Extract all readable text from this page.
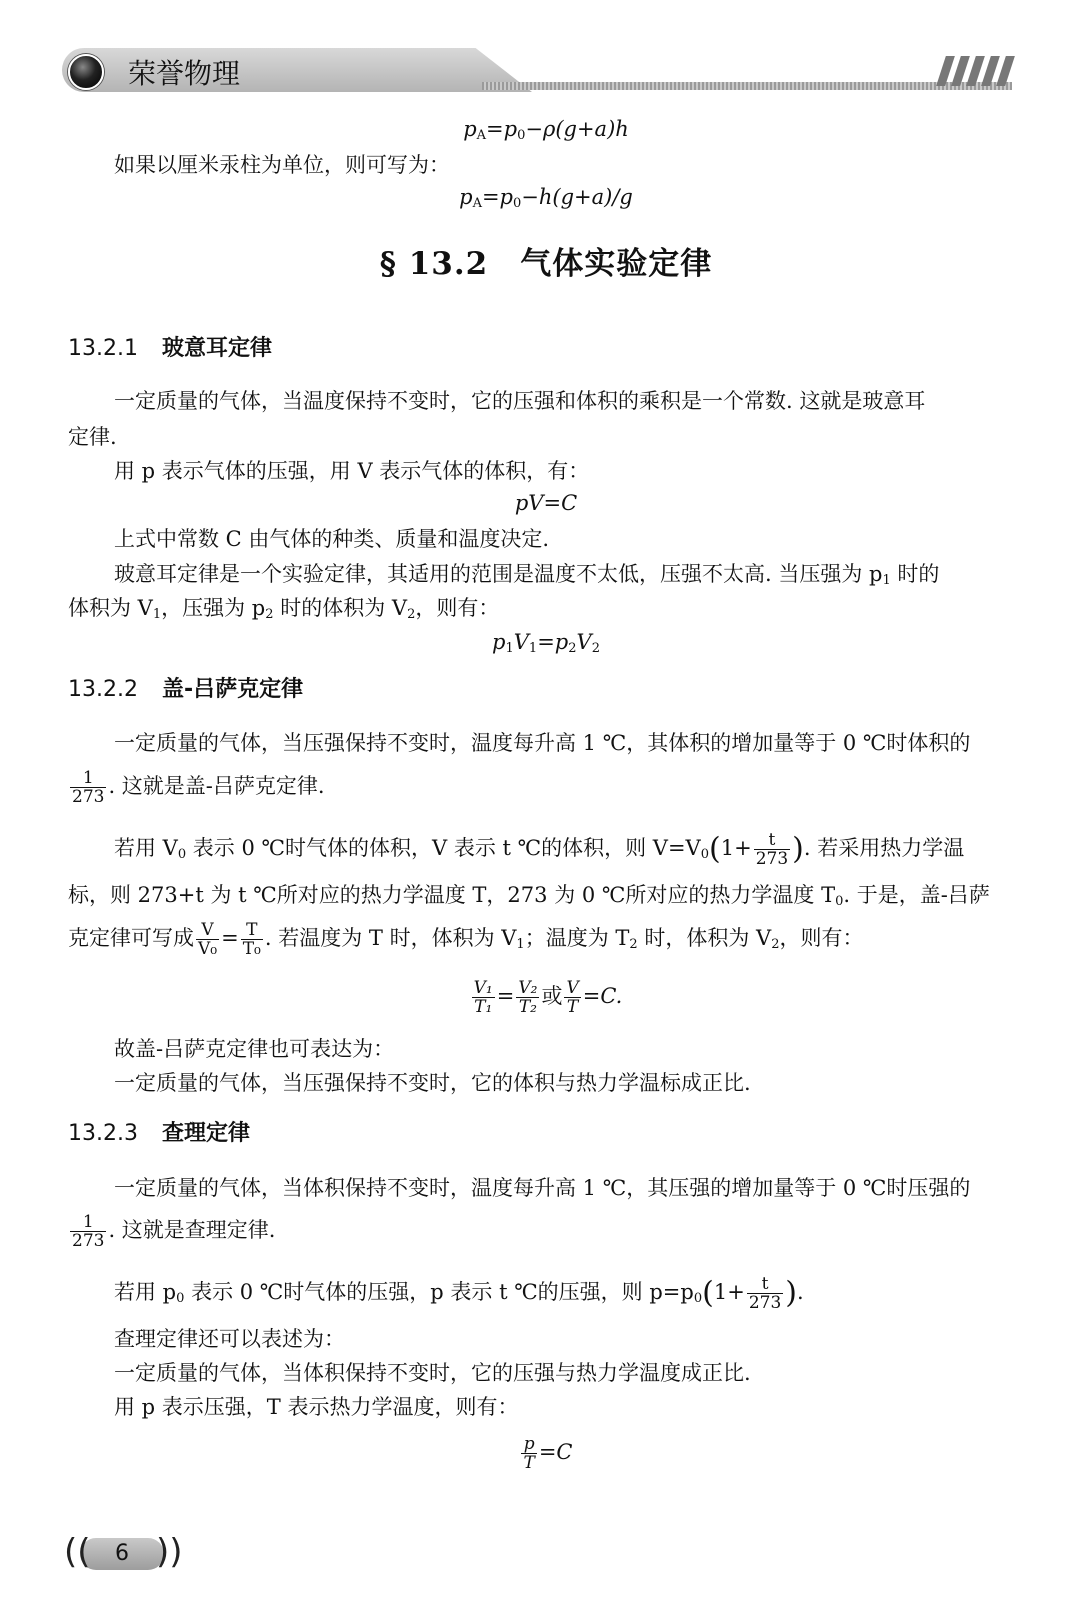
荣誉物理
$p_A=p_0-\rho(g+a)h$
如果以厘米汞柱为单位，则可写为：
$p_A=p_0-h(g+a)/g$
§ 13.2　气体实验定律
13.2.1 玻意耳定律
一定质量的气体，当温度保持不变时，它的压强和体积的乘积是一个常数. 这就是玻意耳
定律.
用 p 表示气体的压强，用 V 表示气体的体积，有：
pV=C
上式中常数 C 由气体的种类、质量和温度决定.
玻意耳定律是一个实验定律，其适用的范围是温度不太低，压强不太高. 当压强为 $p_1$ 时的
体积为 $V_1$，压强为 $p_2$ 时的体积为 $V_2$，则有：
$p_1V_1=p_2V_2$
13.2.2 盖-吕萨克定律
一定质量的气体，当压强保持不变时，温度每升高 1 ℃，其体积的增加量等于 0 ℃时体积的
$\frac{1}{273}$ . 这就是盖-吕萨克定律.
若用 $V_0$ 表示 0 ℃时气体的体积，V 表示 t ℃的体积，则 $V=V_0(1+ \frac{t}{273}$ ). 若采用热力学温
标，则 273+t 为 t ℃所对应的热力学温度 T，273 为 0 ℃所对应的热力学温度 $T_0$. 于是，盖-吕萨
克定律可写成 $\frac{V}{\text{V₀}} = \frac{T}{\text{T₀}}$ . 若温度为 T 时，体积为 $V_1$；温度为 $T_2$ 时，体积为 $V_2$，则有：
$\frac{\text{V₁}}{\text{T₁}} = \frac{\text{V₂}}{\text{T₂}}$ 或 $\frac{V}{T} =C$.
故盖-吕萨克定律也可表达为：
一定质量的气体，当压强保持不变时，它的体积与热力学温标成正比.
13.2.3 查理定律
一定质量的气体，当体积保持不变时，温度每升高 1 ℃，其压强的增加量等于 0 ℃时压强的
$\frac{1}{273}$ . 这就是查理定律.
若用 $p_0$ 表示 0 ℃时气体的压强，p 表示 t ℃的压强，则 $p=p_0(1+ \frac{t}{273}$ ).
查理定律还可以表述为：
一定质量的气体，当体积保持不变时，它的压强与热力学温度成正比.
用 p 表示压强，T 表示热力学温度，则有：
$\frac{p}{T} =C$
(( ))
6
